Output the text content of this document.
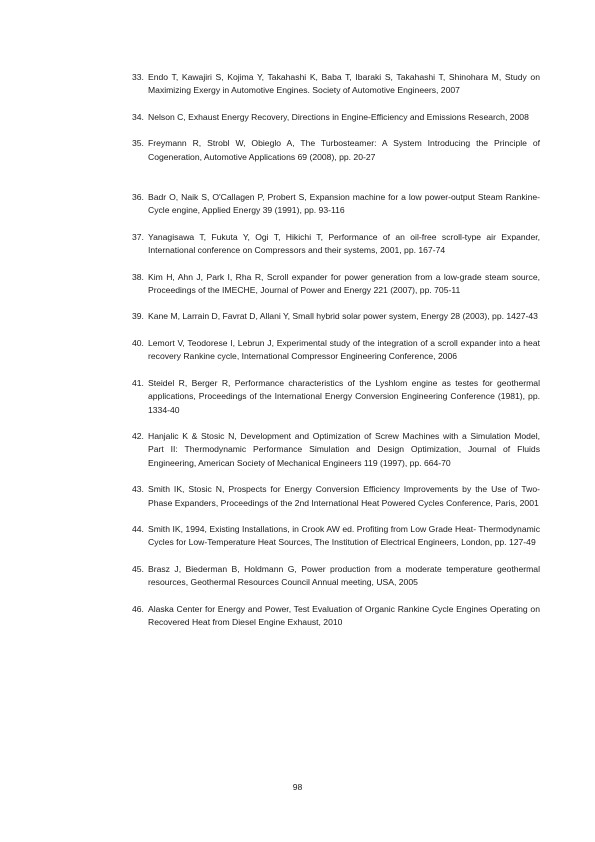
33. Endo T, Kawajiri S, Kojima Y, Takahashi K, Baba T, Ibaraki S, Takahashi T, Shinohara M, Study on Maximizing Exergy in Automotive Engines. Society of Automotive Engineers, 2007
34. Nelson C, Exhaust Energy Recovery, Directions in Engine-Efficiency and Emissions Research, 2008
35. Freymann R, Strobl W, Obieglo A, The Turbosteamer: A System Introducing the Principle of Cogeneration, Automotive Applications 69 (2008), pp. 20-27
36. Badr O, Naik S, O'Callagen P, Probert S, Expansion machine for a low power-output Steam Rankine-Cycle engine, Applied Energy 39 (1991), pp. 93-116
37. Yanagisawa T, Fukuta Y, Ogi T, Hikichi T, Performance of an oil-free scroll-type air Expander, International conference on Compressors and their systems, 2001, pp. 167-74
38. Kim H, Ahn J, Park I, Rha R, Scroll expander for power generation from a low-grade steam source, Proceedings of the IMECHE, Journal of Power and Energy 221 (2007), pp. 705-11
39. Kane M, Larrain D, Favrat D, Allani Y, Small hybrid solar power system, Energy 28 (2003), pp. 1427-43
40. Lemort V, Teodorese I, Lebrun J, Experimental study of the integration of a scroll expander into a heat recovery Rankine cycle, International Compressor Engineering Conference, 2006
41. Steidel R, Berger R, Performance characteristics of the Lyshlom engine as testes for geothermal applications, Proceedings of the International Energy Conversion Engineering Conference (1981), pp. 1334-40
42. Hanjalic K & Stosic N, Development and Optimization of Screw Machines with a Simulation Model, Part II: Thermodynamic Performance Simulation and Design Optimization, Journal of Fluids Engineering, American Society of Mechanical Engineers 119 (1997), pp. 664-70
43. Smith IK, Stosic N, Prospects for Energy Conversion Efficiency Improvements by the Use of Two-Phase Expanders, Proceedings of the 2nd International Heat Powered Cycles Conference, Paris, 2001
44. Smith IK, 1994, Existing Installations, in Crook AW ed. Profiting from Low Grade Heat- Thermodynamic Cycles for Low-Temperature Heat Sources, The Institution of Electrical Engineers, London, pp. 127-49
45. Brasz J, Biederman B, Holdmann G, Power production from a moderate temperature geothermal resources, Geothermal Resources Council Annual meeting, USA, 2005
46. Alaska Center for Energy and Power, Test Evaluation of Organic Rankine Cycle Engines Operating on Recovered Heat from Diesel Engine Exhaust, 2010
98
